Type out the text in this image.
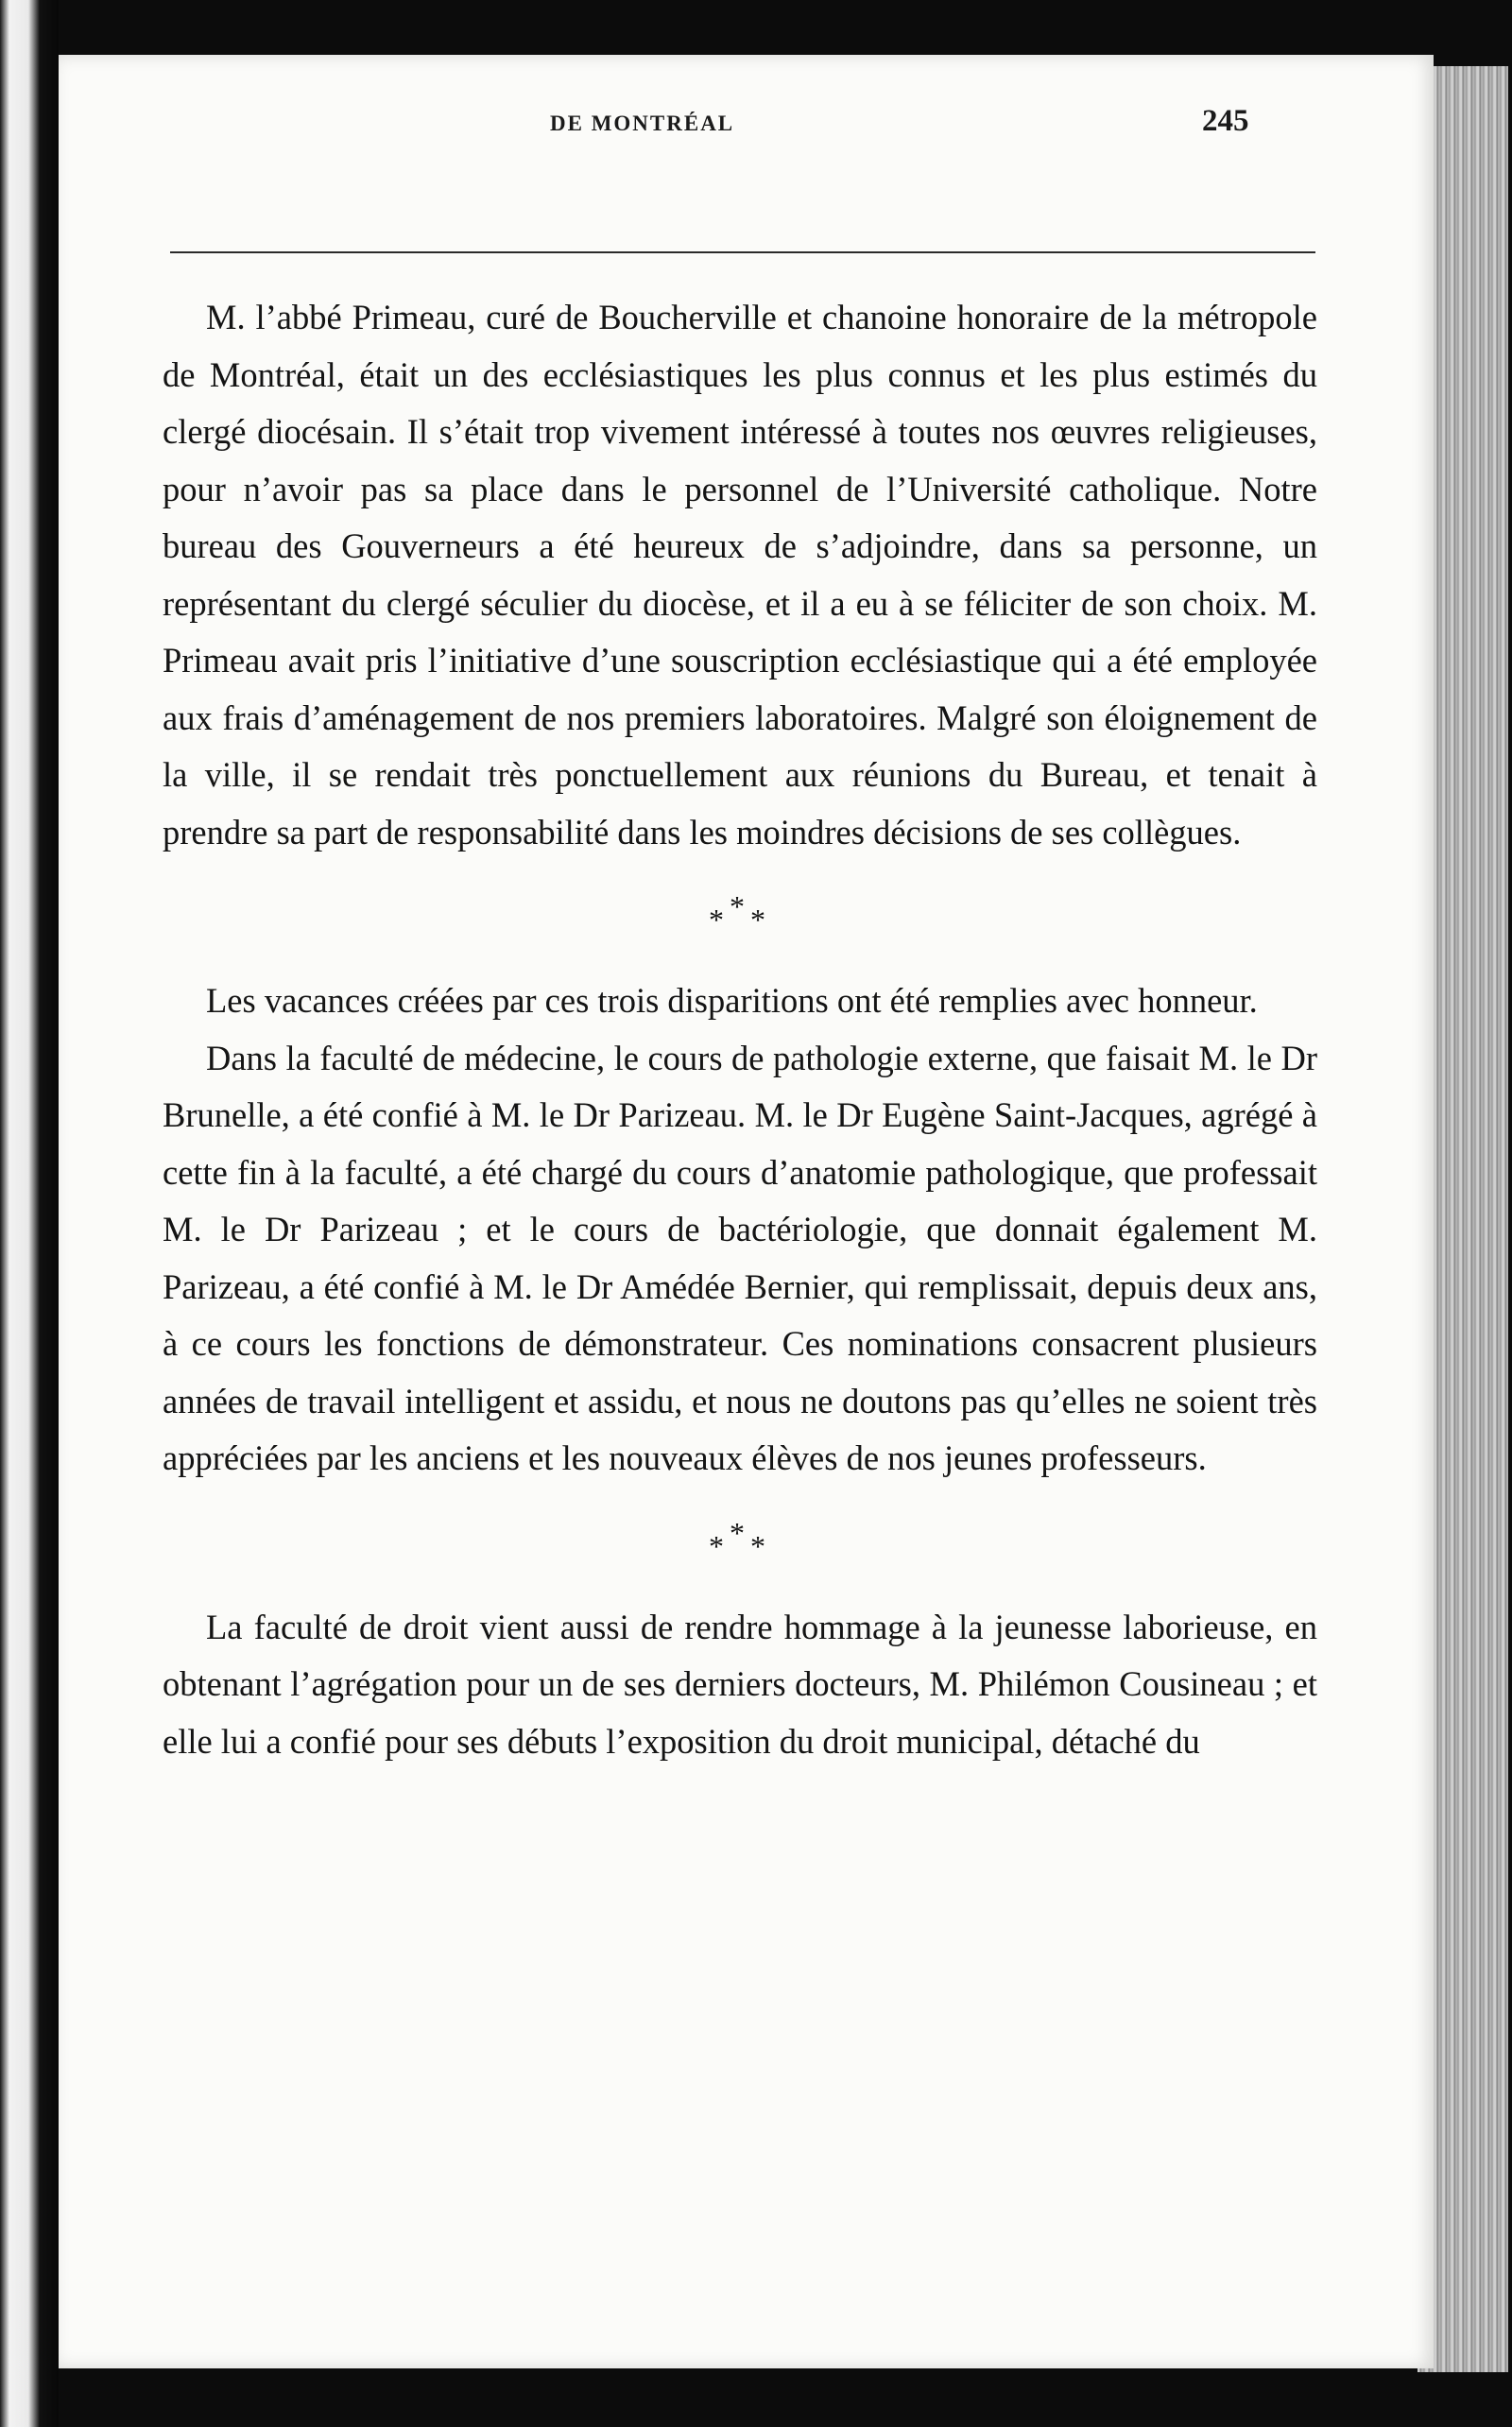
DE MONTRÉAL	245

M. l’abbé Primeau, curé de Boucherville et chanoine honoraire de la métropole de Montréal, était un des ecclésiastiques les plus connus et les plus estimés du clergé diocésain. Il s’était trop vivement intéressé à toutes nos œuvres religieuses, pour n’avoir pas sa place dans le personnel de l’Université catholique. Notre bureau des Gouverneurs a été heureux de s’adjoindre, dans sa personne, un représentant du clergé séculier du diocèse, et il a eu à se féliciter de son choix. M. Primeau avait pris l’initiative d’une souscription ecclésiastique qui a été employée aux frais d’aménagement de nos premiers laboratoires. Malgré son éloignement de la ville, il se rendait très ponctuellement aux réunions du Bureau, et tenait à prendre sa part de responsabilité dans les moindres décisions de ses collègues.

***

Les vacances créées par ces trois disparitions ont été remplies avec honneur.

Dans la faculté de médecine, le cours de pathologie externe, que faisait M. le Dr Brunelle, a été confié à M. le Dr Parizeau. M. le Dr Eugène Saint-Jacques, agrégé à cette fin à la faculté, a été chargé du cours d’anatomie pathologique, que professait M. le Dr Parizeau ; et le cours de bactériologie, que donnait également M. Parizeau, a été confié à M. le Dr Amédée Bernier, qui remplissait, depuis deux ans, à ce cours les fonctions de démonstrateur. Ces nominations consacrent plusieurs années de travail intelligent et assidu, et nous ne doutons pas qu’elles ne soient très appréciées par les anciens et les nouveaux élèves de nos jeunes professeurs.

***

La faculté de droit vient aussi de rendre hommage à la jeunesse laborieuse, en obtenant l’agrégation pour un de ses derniers docteurs, M. Philémon Cousineau ; et elle lui a confié pour ses débuts l’exposition du droit municipal, détaché du
